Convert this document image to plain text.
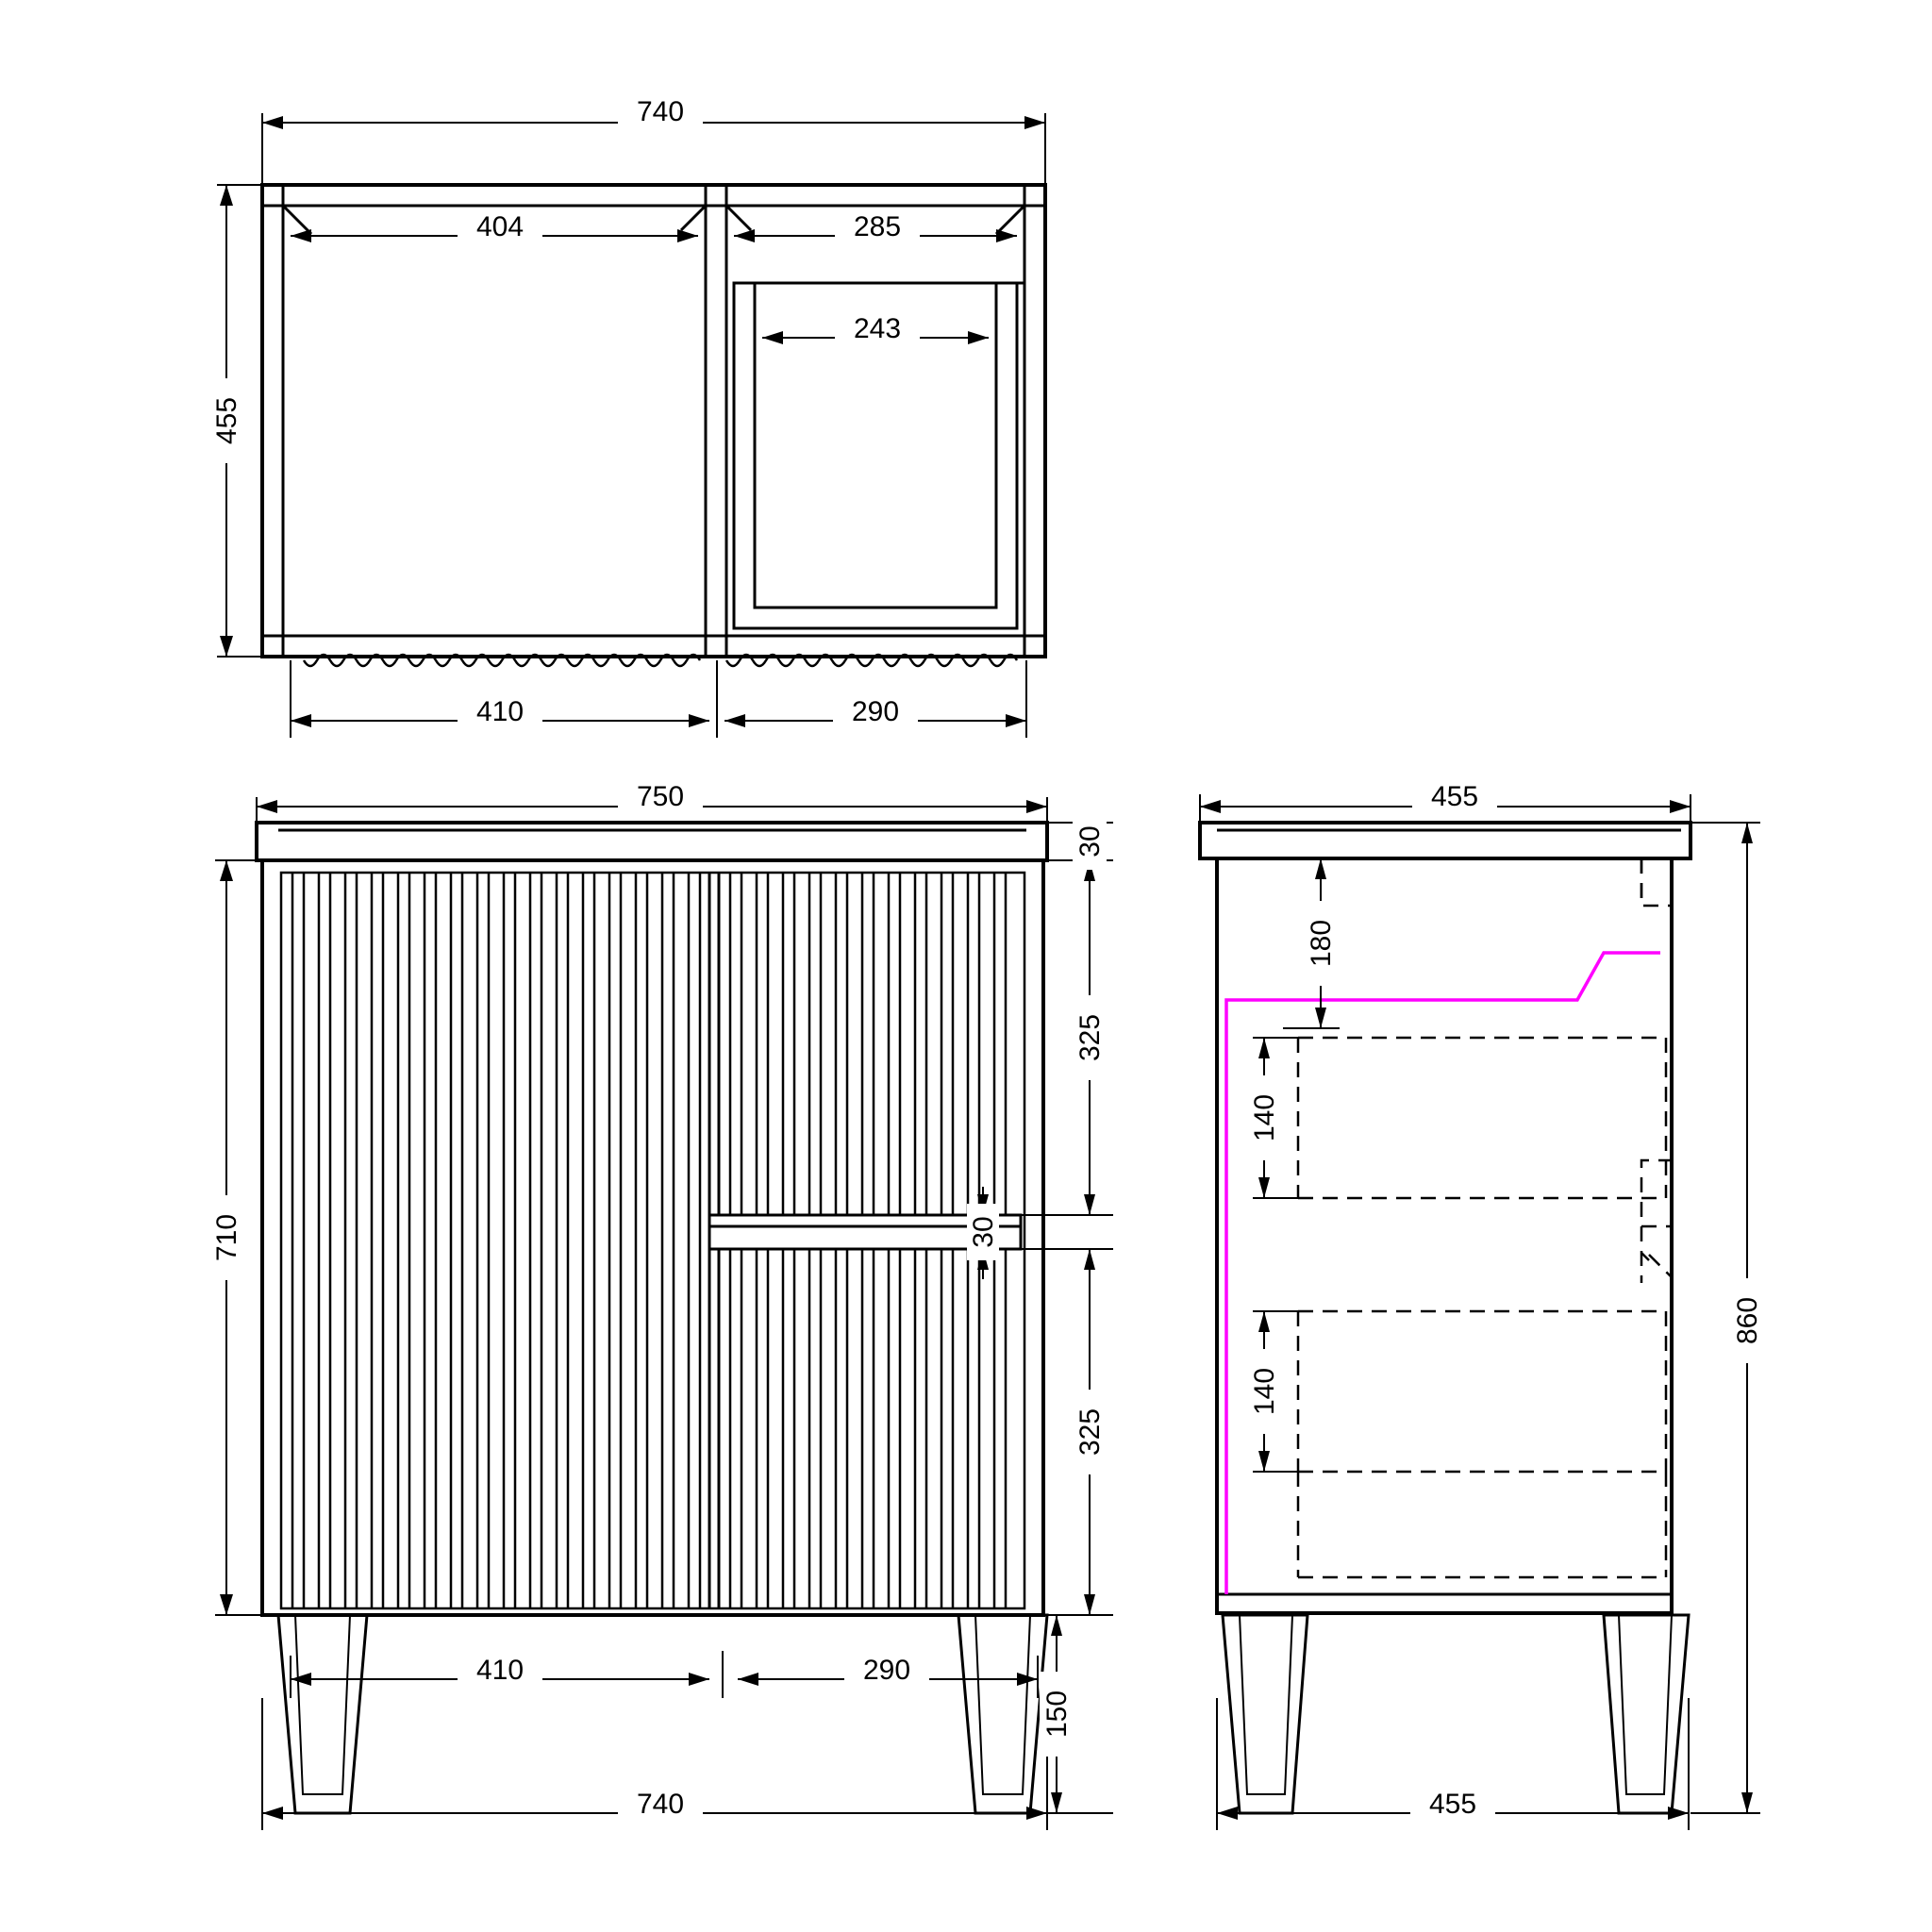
740
404	285
243
455
410	290
750
710
30
325
30
325
150
410	290
740
455
180
140
140
860
455
